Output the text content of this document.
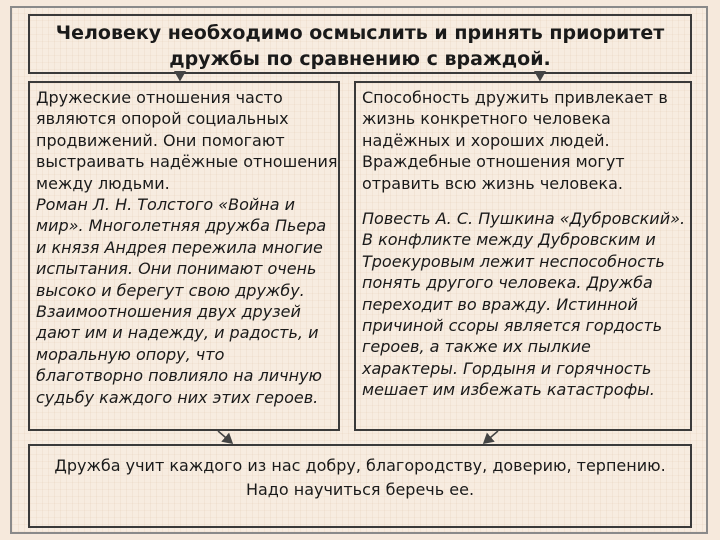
Человеку необходимо осмыслить и принять приоритет
дружбы по сравнению с враждой.

Дружеские отношения часто
являются опорой социальных
продвижений. Они помогают
выстраивать надёжные отношения
между людьми.

Роман Л. Н. Толстого «Война и
мир». Многолетняя дружба Пьера
и князя Андрея пережила многие
испытания. Они понимают очень
высоко и берегут свою дружбу.
Взаимоотношения двух друзей
дают им и надежду, и радость, и
моральную опору, что
благотворно повлияло на личную
судьбу каждого них этих героев.

Способность дружить привлекает в
жизнь конкретного человека
надёжных и хороших людей.
Враждебные отношения могут
отравить всю жизнь человека.

Повесть А. С. Пушкина «Дубровский».
В конфликте между Дубровским и
Троекуровым лежит неспособность
понять другого человека. Дружба
переходит во вражду. Истинной
причиной ссоры является гордость
героев, а также их пылкие
характеры. Гордыня и горячность
мешает им избежать катастрофы.

Дружба учит каждого из нас добру, благородству, доверию, терпению.
Надо научиться беречь ее.
